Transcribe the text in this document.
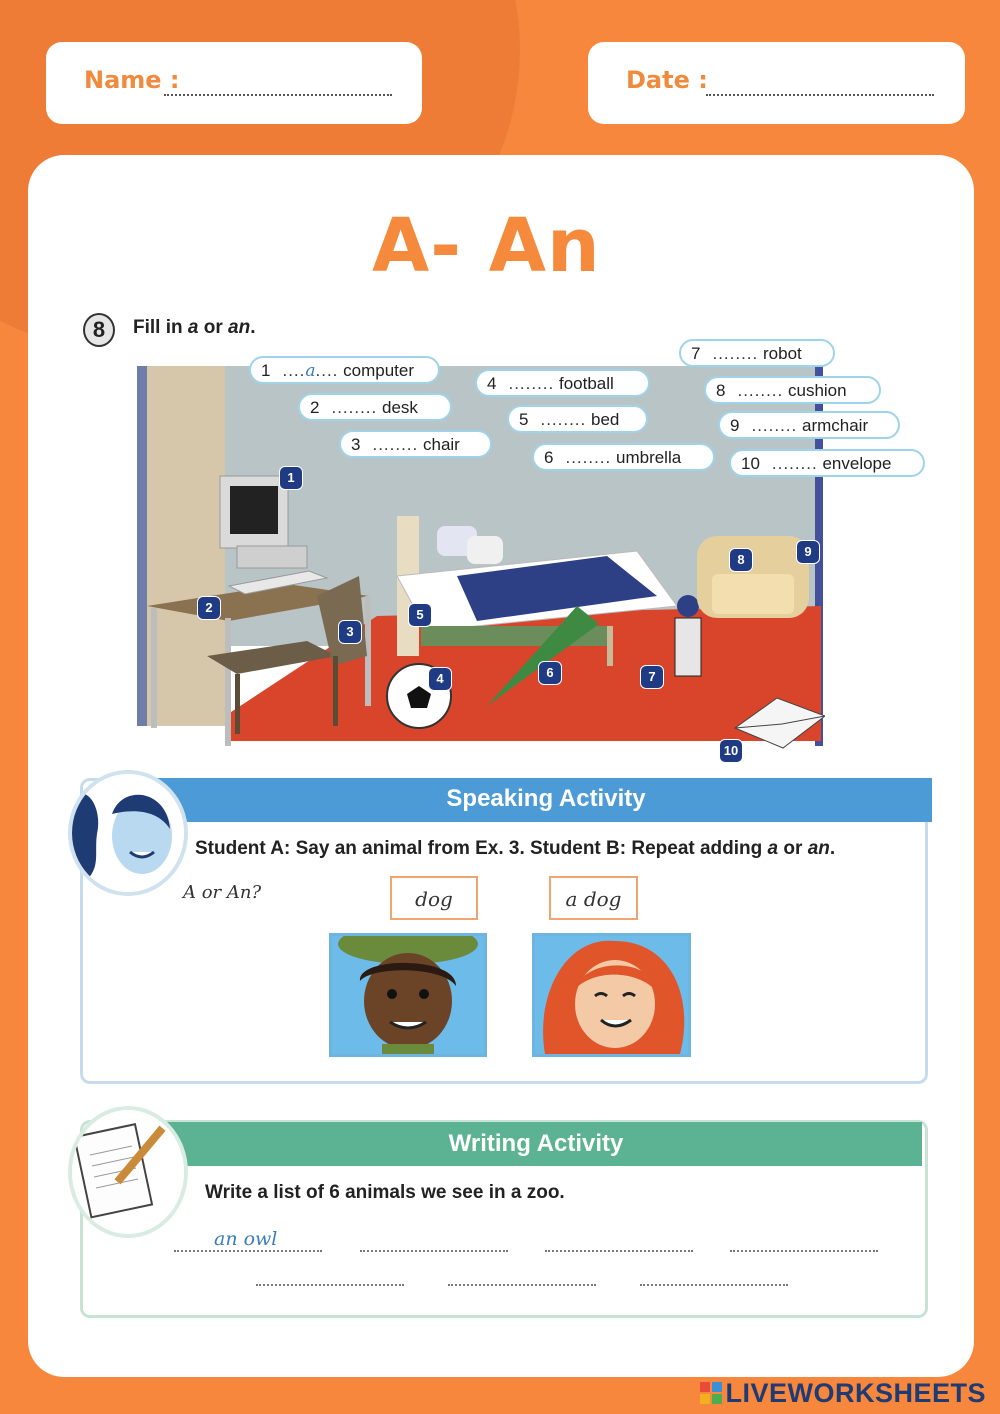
Name :	Date :
A- An
8	Fill in a or an.
1
2
3
4
5
6	7
8
9
10
1 ....a.... computer
2 ........ desk
3 ........ chair
4 ........ football
5 ........ bed
6 ........ umbrella
7 ........ robot
8 ........ cushion
9 ........ armchair
10 ........ envelope
Speaking Activity
Student A: Say an animal from Ex. 3. Student B: Repeat adding a or an.
A or An?	dog	a dog
Writing Activity
Write a list of 6 animals we see in a zoo.
an owl
LIVEWORKSHEETS
